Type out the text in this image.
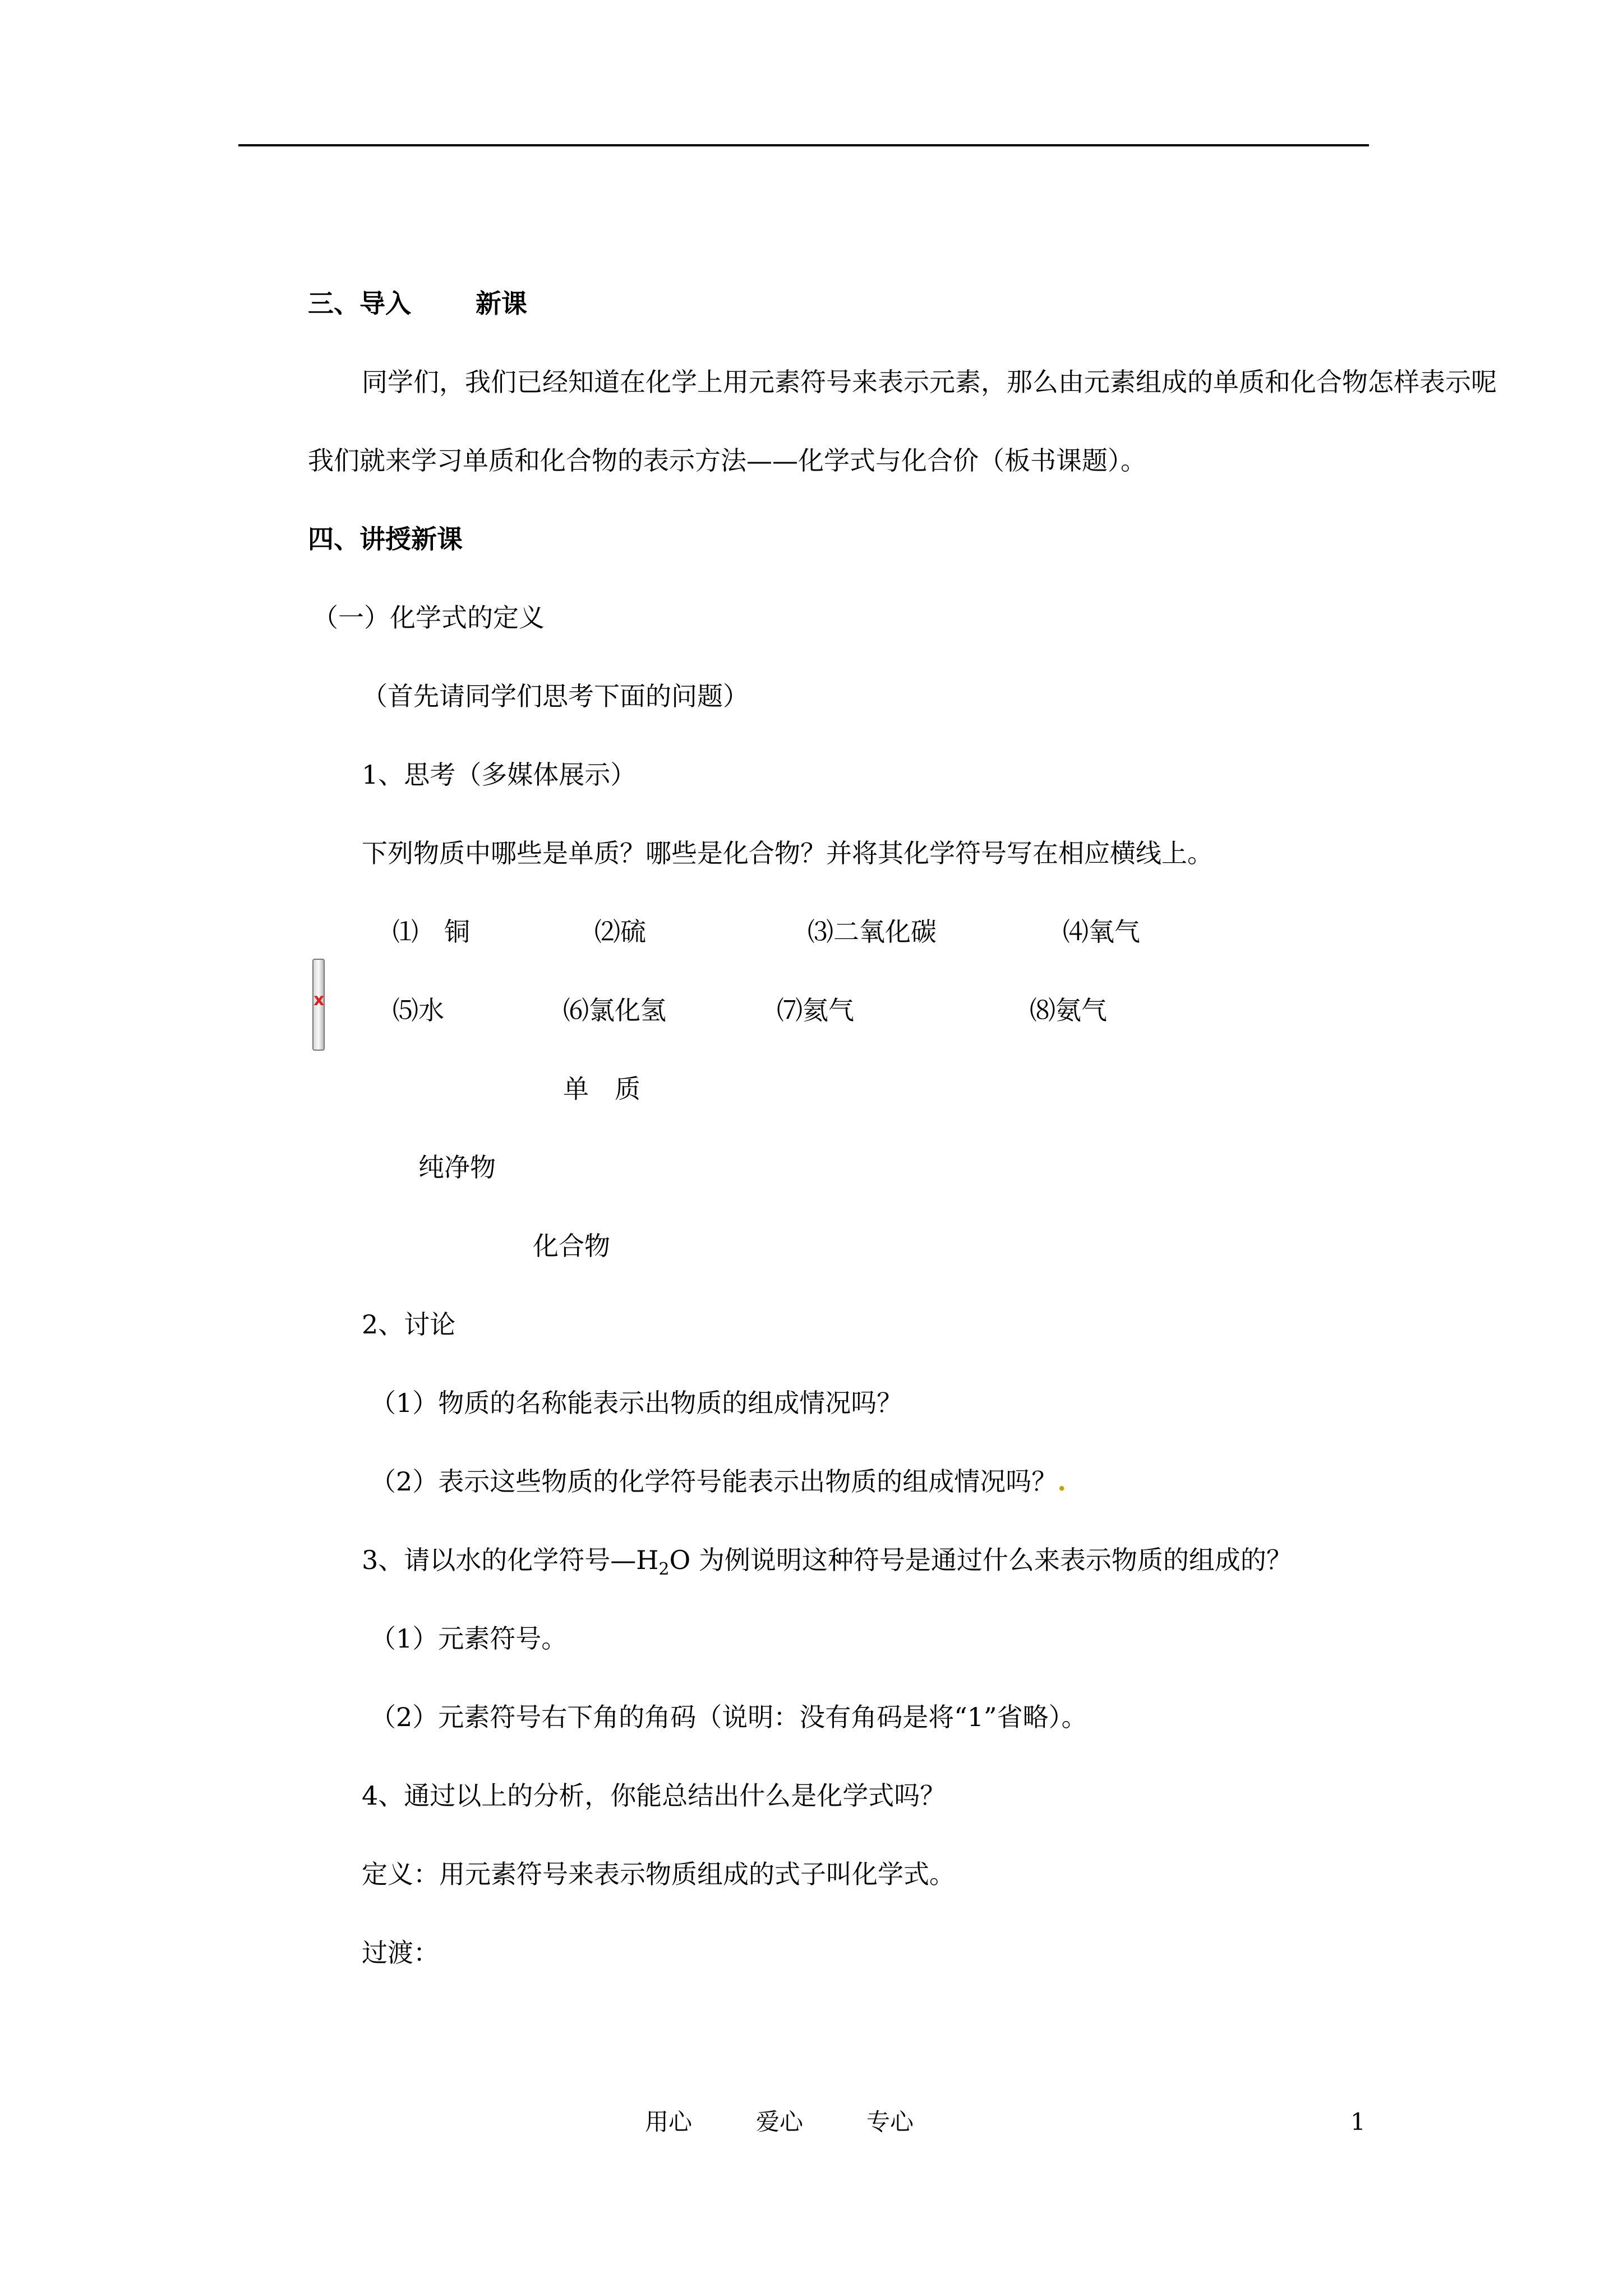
三、导入	新课
同学们，我们已经知道在化学上用元素符号来表示元素，那么由元素组成的单质和化合物怎样表示呢
我们就来学习单质和化合物的表示方法——化学式与化合价（板书课题）。
四、讲授新课
（一）化学式的定义
（首先请同学们思考下面的问题）
1、思考（多媒体展示）
下列物质中哪些是单质？哪些是化合物？并将其化学符号写在相应横线上。
⑴　铜	⑵硫	⑶二氧化碳	⑷氧气
x	⑸水	⑹氯化氢	⑺氦气	⑻氨气
单　质
纯净物
化合物
2、讨论
（1）物质的名称能表示出物质的组成情况吗？
（2）表示这些物质的化学符号能表示出物质的组成情况吗？.
3、请以水的化学符号$—H_2O$ 为例说明这种符号是通过什么来表示物质的组成的？
（1）元素符号。
（2）元素符号右下角的角码（说明：没有角码是将“1”省略）。
4、通过以上的分析，你能总结出什么是化学式吗？
定义：用元素符号来表示物质组成的式子叫化学式。
过渡：
用心	爱心	专心	1
